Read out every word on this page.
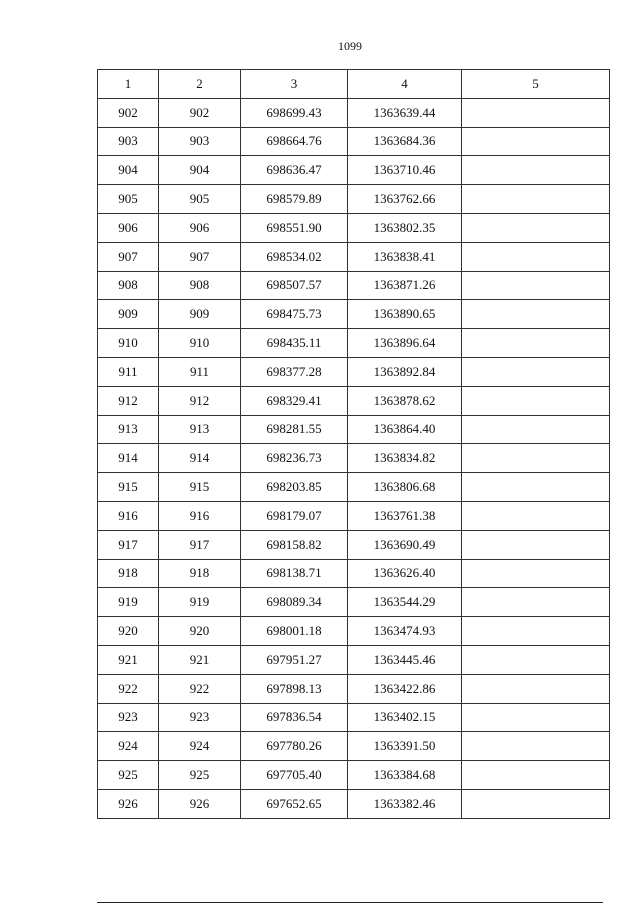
1099
1	2	3	4	5
902	902	698699.43	1363639.44	
903	903	698664.76	1363684.36	
904	904	698636.47	1363710.46	
905	905	698579.89	1363762.66	
906	906	698551.90	1363802.35	
907	907	698534.02	1363838.41	
908	908	698507.57	1363871.26	
909	909	698475.73	1363890.65	
910	910	698435.11	1363896.64	
911	911	698377.28	1363892.84	
912	912	698329.41	1363878.62	
913	913	698281.55	1363864.40	
914	914	698236.73	1363834.82	
915	915	698203.85	1363806.68	
916	916	698179.07	1363761.38	
917	917	698158.82	1363690.49	
918	918	698138.71	1363626.40	
919	919	698089.34	1363544.29	
920	920	698001.18	1363474.93	
921	921	697951.27	1363445.46	
922	922	697898.13	1363422.86	
923	923	697836.54	1363402.15	
924	924	697780.26	1363391.50	
925	925	697705.40	1363384.68	
926	926	697652.65	1363382.46	
